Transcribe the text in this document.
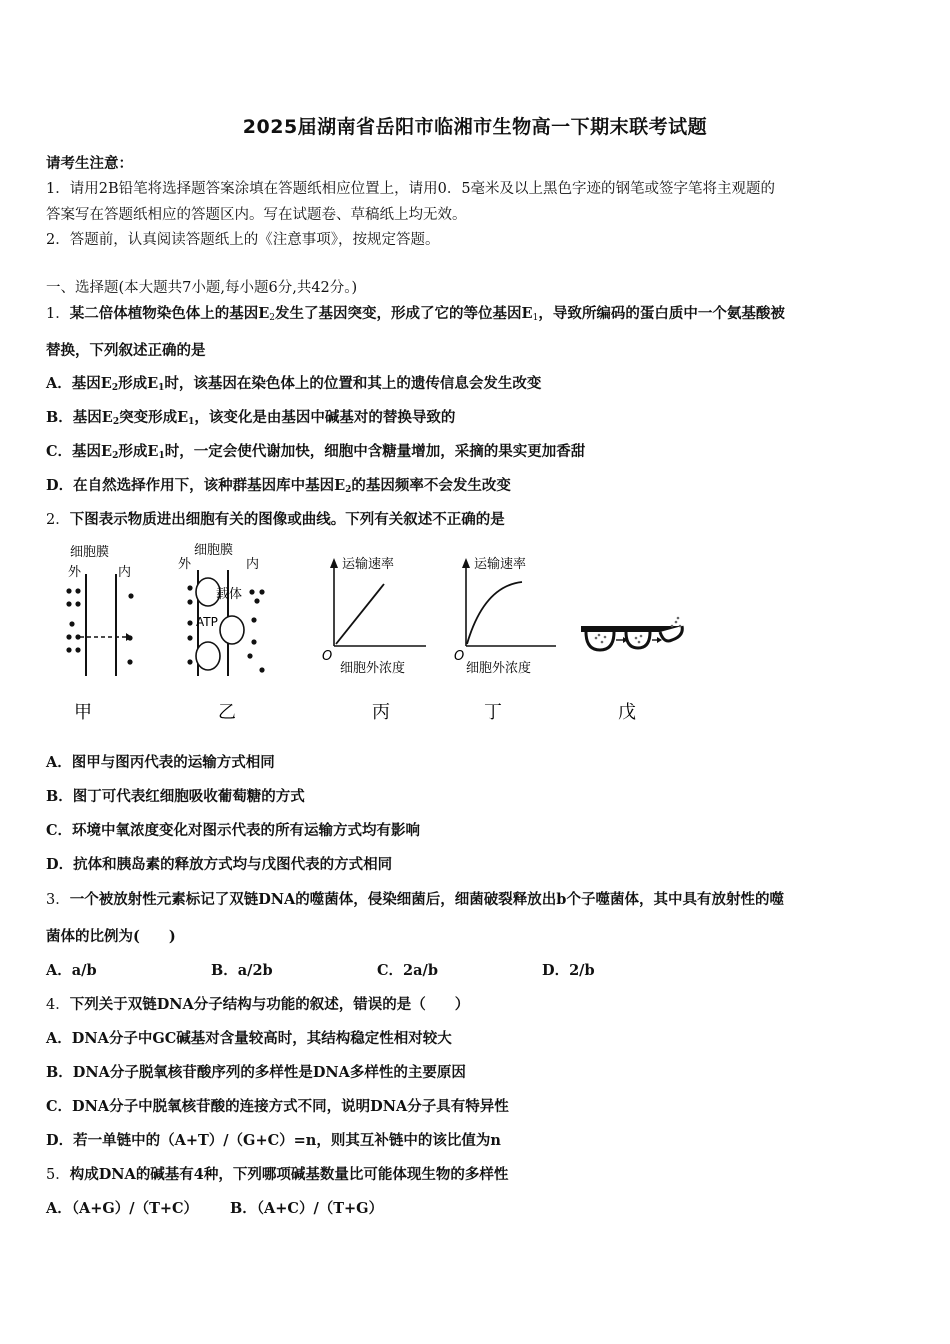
2025届湖南省岳阳市临湘市生物高一下期末联考试题
请考生注意：
1．请用2B铅笔将选择题答案涂填在答题纸相应位置上，请用0．5毫米及以上黑色字迹的钢笔或签字笔将主观题的
答案写在答题纸相应的答题区内。写在试题卷、草稿纸上均无效。
2．答题前，认真阅读答题纸上的《注意事项》，按规定答题。
一、选择题(本大题共7小题,每小题6分,共42分。)
1．某二倍体植物染色体上的基因$E_2$发生了基因突变，形成了它的等位基因$E_1$，导致所编码的蛋白质中一个氨基酸被
替换，下列叙述正确的是
A．基因$E_2$形成$E_1$时，该基因在染色体上的位置和其上的遗传信息会发生改变
B．基因$E_2$突变形成$E_1$，该变化是由基因中碱基对的替换导致的
C．基因$E_2$形成$E_1$时，一定会使代谢加快，细胞中含糖量增加，采摘的果实更加香甜
D．在自然选择作用下，该种群基因库中基因$E_2$的基因频率不会发生改变
2．下图表示物质进出细胞有关的图像或曲线。下列有关叙述不正确的是
细胞膜
外	内
细胞膜
外	内
载体
ATP
运输速率
O
细胞外浓度
运输速率
O
细胞外浓度
甲	乙	丙	丁	戊
A．图甲与图丙代表的运输方式相同
B．图丁可代表红细胞吸收葡萄糖的方式
C．环境中氧浓度变化对图示代表的所有运输方式均有影响
D．抗体和胰岛素的释放方式均与戊图代表的方式相同
3．一个被放射性元素标记了双链DNA的噬菌体，侵染细菌后，细菌破裂释放出b个子噬菌体，其中具有放射性的噬
菌体的比例为(　　)
A．a/b	B．a/2b	C．2a/b	D．2/b
4．下列关于双链DNA分子结构与功能的叙述，错误的是（　　）
A．DNA分子中GC碱基对含量较高时，其结构稳定性相对较大
B．DNA分子脱氧核苷酸序列的多样性是DNA多样性的主要原因
C．DNA分子中脱氧核苷酸的连接方式不同，说明DNA分子具有特异性
D．若一单链中的（A+T）/（G+C）=n，则其互补链中的该比值为n
5．构成DNA的碱基有4种，下列哪项碱基数量比可能体现生物的多样性
A．（A+G）/（T+C） B．（A+C）/（T+G）
